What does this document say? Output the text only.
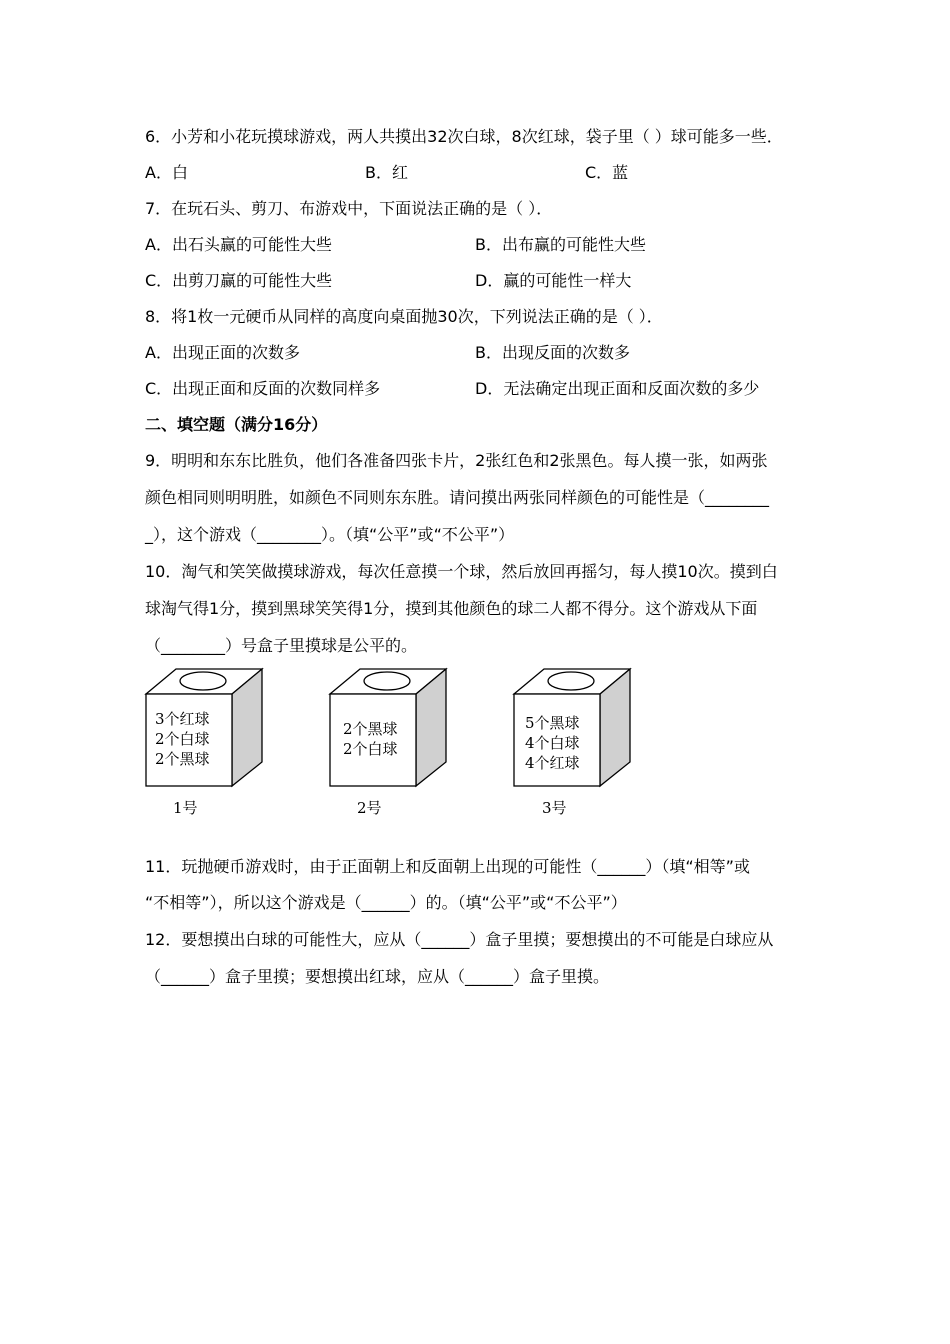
6．小芳和小花玩摸球游戏，两人共摸出32次白球，8次红球，袋子里（ ）球可能多一些．
A．白	B．红	C．蓝
7．在玩石头、剪刀、布游戏中，下面说法正确的是（ ）．
A．出石头赢的可能性大些	B．出布赢的可能性大些
C．出剪刀赢的可能性大些	D．赢的可能性一样大
8．将1枚一元硬币从同样的高度向桌面抛30次，下列说法正确的是（ ）．
A．出现正面的次数多	B．出现反面的次数多
C．出现正面和反面的次数同样多	D．无法确定出现正面和反面次数的多少
二、填空题（满分16分）
9．明明和东东比胜负，他们各准备四张卡片，2张红色和2张黑色。每人摸一张，如两张
颜色相同则明明胜，如颜色不同则东东胜。请问摸出两张同样颜色的可能性是（________
_），这个游戏（________）。（填“公平”或“不公平”）
10．淘气和笑笑做摸球游戏，每次任意摸一个球，然后放回再摇匀，每人摸10次。摸到白
球淘气得1分，摸到黑球笑笑得1分，摸到其他颜色的球二人都不得分。这个游戏从下面
（________）号盒子里摸球是公平的。
3个红球
2个白球
2个黑球
1号
2个黑球
2个白球
2号
5个黑球
4个白球
4个红球
3号
11．玩抛硬币游戏时，由于正面朝上和反面朝上出现的可能性（______）（填“相等”或
“不相等”），所以这个游戏是（______）的。（填“公平”或“不公平”）
12．要想摸出白球的可能性大，应从（______）盒子里摸；要想摸出的不可能是白球应从
（______）盒子里摸；要想摸出红球，应从（______）盒子里摸。
